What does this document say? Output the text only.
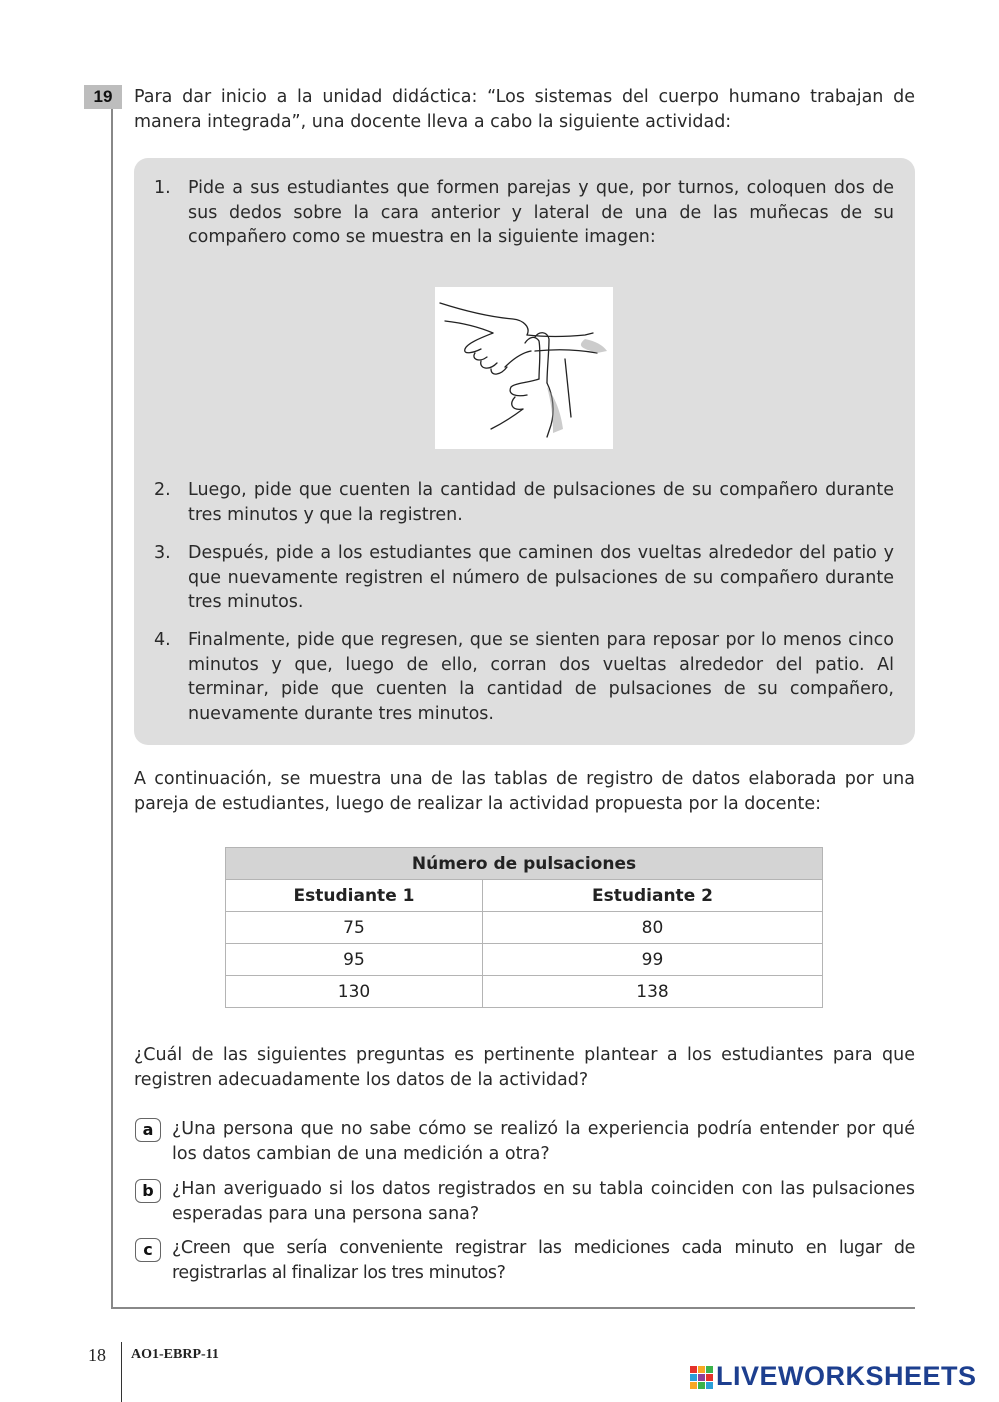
19	Para dar inicio a la unidad didáctica: “Los sistemas del cuerpo humano trabajan de manera integrada”, una docente lleva a cabo la siguiente actividad:
1. Pide a sus estudiantes que formen parejas y que, por turnos, coloquen dos de sus dedos sobre la cara anterior y lateral de una de las muñecas de su compañero como se muestra en la siguiente imagen:
2. Luego, pide que cuenten la cantidad de pulsaciones de su compañero durante tres minutos y que la registren.
3. Después, pide a los estudiantes que caminen dos vueltas alrededor del patio y que nuevamente registren el número de pulsaciones de su compañero durante tres minutos.
4. Finalmente, pide que regresen, que se sienten para reposar por lo menos cinco minutos y que, luego de ello, corran dos vueltas alrededor del patio. Al terminar, pide que cuenten la cantidad de pulsaciones de su compañero, nuevamente durante tres minutos.
A continuación, se muestra una de las tablas de registro de datos elaborada por una pareja de estudiantes, luego de realizar la actividad propuesta por la docente:
Número de pulsaciones	
Estudiante 1	Estudiante 2
75	80
95	99
130	138
¿Cuál de las siguientes preguntas es pertinente plantear a los estudiantes para que registren adecuadamente los datos de la actividad?
a	¿Una persona que no sabe cómo se realizó la experiencia podría entender por qué los datos cambian de una medición a otra?
b	¿Han averiguado si los datos registrados en su tabla coinciden con las pulsaciones esperadas para una persona sana?
c	¿Creen que sería conveniente registrar las mediciones cada minuto en lugar de registrarlas al finalizar los tres minutos?
18 AO1-EBRP-11
LIVEWORKSHEETS
